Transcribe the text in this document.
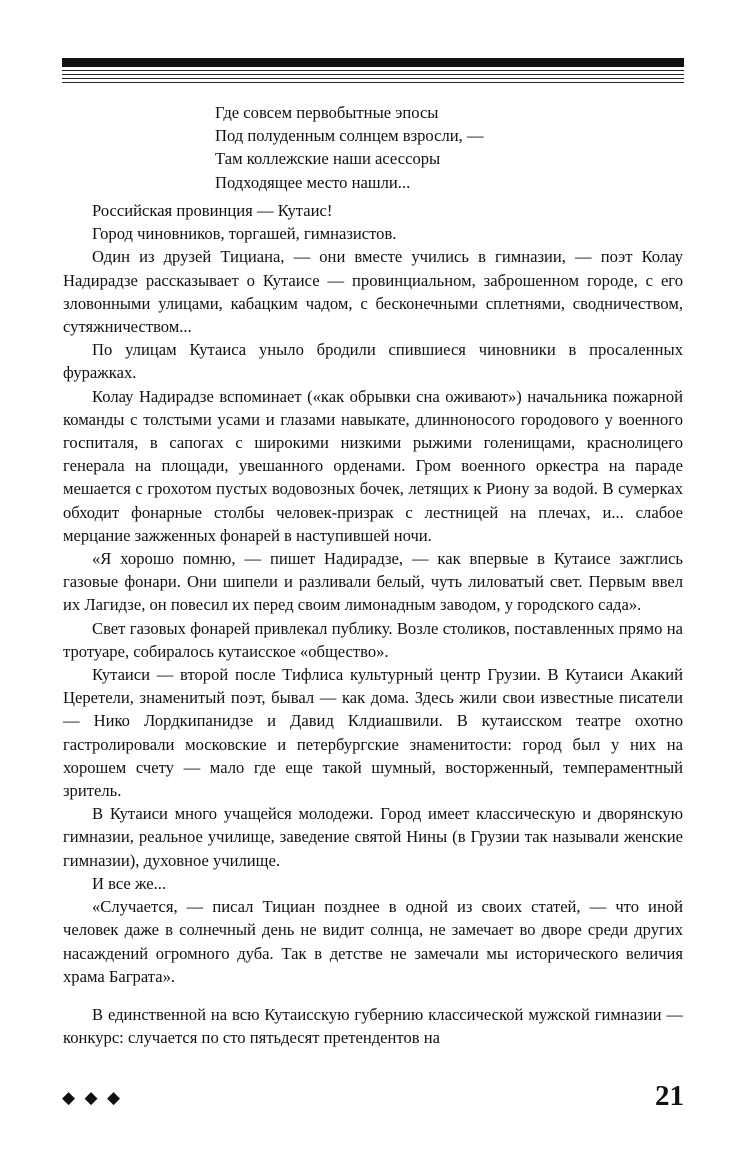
Где совсем первобытные эпосы
Под полуденным солнцем взросли, —
Там коллежские наши асессоры
Подходящее место нашли...

Российская провинция — Кутаис!

Город чиновников, торгашей, гимназистов.

Один из друзей Тициана, — они вместе учились в гимназии, — поэт Колау Надирадзе рассказывает о Кутаисе — провинциальном, заброшенном городе, с его зловонными улицами, кабацким чадом, с бесконечными сплетнями, сводничеством, сутяжничеством...

По улицам Кутаиса уныло бродили спившиеся чиновники в просаленных фуражках.

Колау Надирадзе вспоминает («как обрывки сна оживают») начальника пожарной команды с толстыми усами и глазами навыкате, длинноносого городового у военного госпиталя, в сапогах с широкими низкими рыжими голенищами, краснолицего генерала на площади, увешанного орденами. Гром военного оркестра на параде мешается с грохотом пустых водовозных бочек, летящих к Риону за водой. В сумерках обходит фонарные столбы человек-призрак с лестницей на плечах, и... слабое мерцание зажженных фонарей в наступившей ночи.

«Я хорошо помню, — пишет Надирадзе, — как впервые в Кутаисе зажглись газовые фонари. Они шипели и разливали белый, чуть лиловатый свет. Первым ввел их Лагидзе, он повесил их перед своим лимонадным заводом, у городского сада».

Свет газовых фонарей привлекал публику. Возле столиков, поставленных прямо на тротуаре, собиралось кутаисское «общество».

Кутаиси — второй после Тифлиса культурный центр Грузии. В Кутаиси Акакий Церетели, знаменитый поэт, бывал — как дома. Здесь жили свои известные писатели — Нико Лордкипанидзе и Давид Клдиашвили. В кутаисском театре охотно гастролировали московские и петербургские знаменитости: город был у них на хорошем счету — мало где еще такой шумный, восторженный, темпераментный зритель.

В Кутаиси много учащейся молодежи. Город имеет классическую и дворянскую гимназии, реальное училище, заведение святой Нины (в Грузии так называли женские гимназии), духовное училище.

И все же...

«Случается, — писал Тициан позднее в одной из своих статей, — что иной человек даже в солнечный день не видит солнца, не замечает во дворе среди других насаждений огромного дуба. Так в детстве не замечали мы исторического величия храма Баграта».

В единственной на всю Кутаисскую губернию классической мужской гимназии — конкурс: случается по сто пятьдесят претендентов на

◆ ◆ ◆	21
